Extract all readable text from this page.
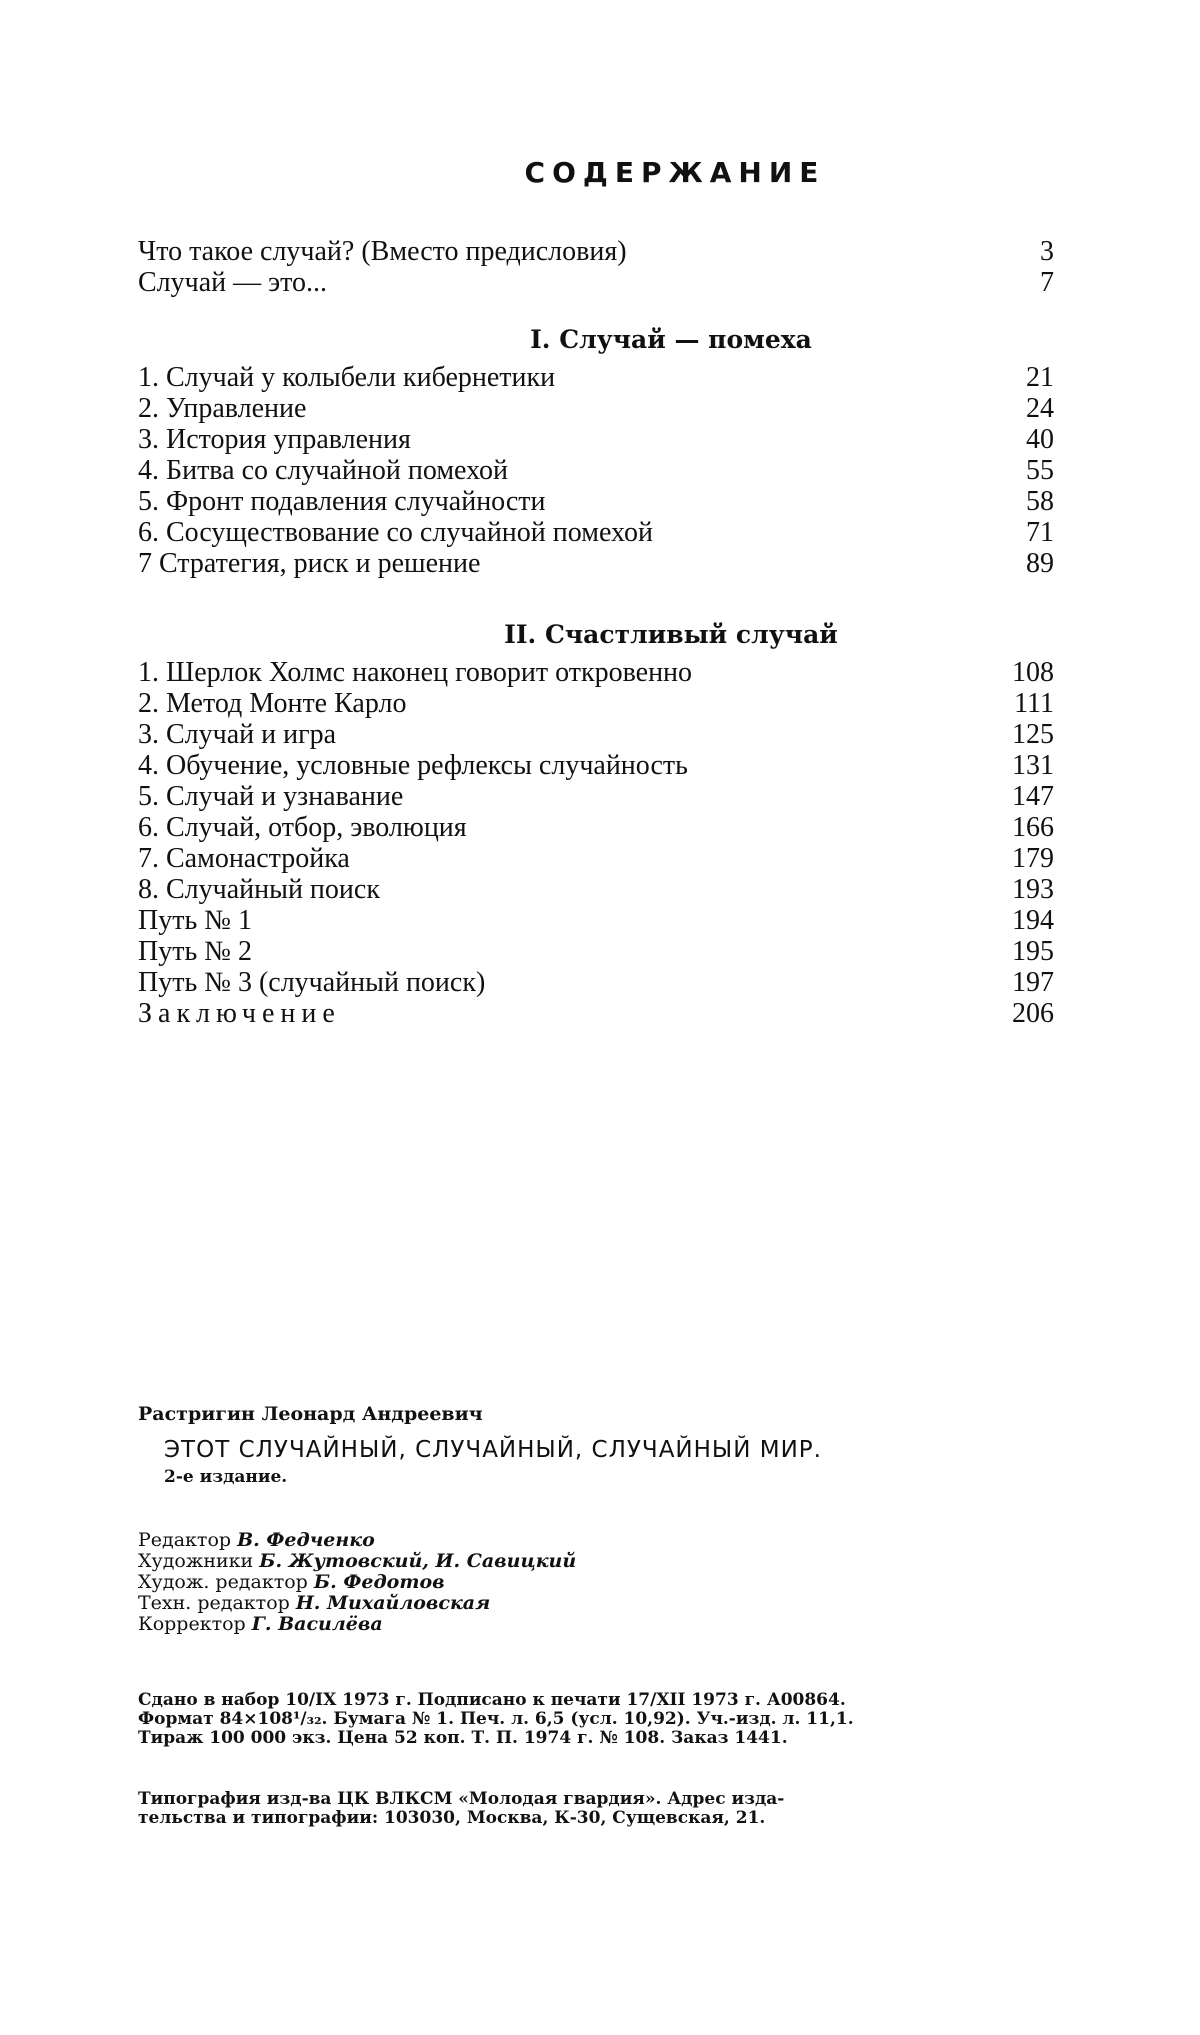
СОДЕРЖАНИЕ
Что такое случай? (Вместо предисловия)	3
Случай — это...	7
I. Случай — помеха
1. Случай у колыбели кибернетики	21
2. Управление	24
3. История управления	40
4. Битва со случайной помехой	55
5. Фронт подавления случайности	58
6. Сосуществование со случайной помехой	71
7 Стратегия, риск и решение	89
II. Счастливый случай
1. Шерлок Холмс наконец говорит откровенно	108
2. Метод Монте Карло	111
3. Случай и игра	125
4. Обучение, условные рефлексы случайность	131
5. Случай и узнавание	147
6. Случай, отбор, эволюция	166
7. Самонастройка	179
8. Случайный поиск	193
Путь № 1	194
Путь № 2	195
Путь № 3 (случайный поиск)	197
Заключение	206
Растригин Леонард Андреевич
ЭТОТ СЛУЧАЙНЫЙ, СЛУЧАЙНЫЙ, СЛУЧАЙНЫЙ МИР.
2-е издание.
Редактор В. Федченко
Художники Б. Жутовский, И. Савицкий
Худож. редактор Б. Федотов
Техн. редактор Н. Михайловская
Корректор Г. Василёва
Сдано в набор 10/IX 1973 г. Подписано к печати 17/XII 1973 г. А00864.
Формат 84×108¹/₃₂. Бумага № 1. Печ. л. 6,5 (усл. 10,92). Уч.-изд. л. 11,1.
Тираж 100 000 экз. Цена 52 коп. Т. П. 1974 г. № 108. Заказ 1441.
Типография изд-ва ЦК ВЛКСМ «Молодая гвардия». Адрес изда-
тельства и типографии: 103030, Москва, К-30, Сущевская, 21.
